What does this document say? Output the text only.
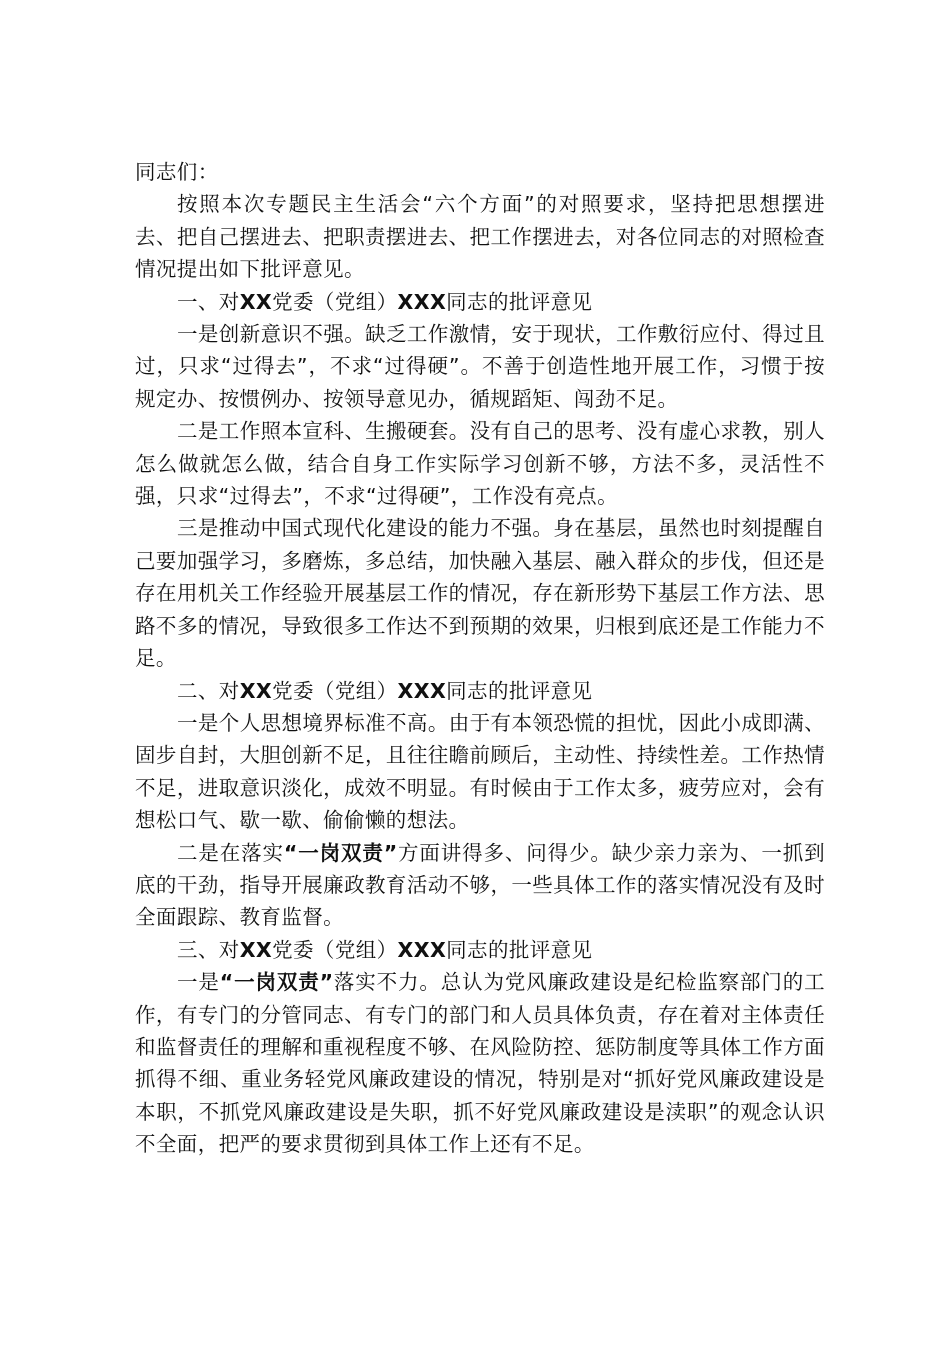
同志们：

按照本次专题民主生活会“六个方面”的对照要求，坚持把思想摆进去、把自己摆进去、把职责摆进去、把工作摆进去，对各位同志的对照检查情况提出如下批评意见。

一、对XX党委（党组）XXX同志的批评意见

一是创新意识不强。缺乏工作激情，安于现状，工作敷衍应付、得过且过，只求“过得去”，不求“过得硬”。不善于创造性地开展工作，习惯于按规定办、按惯例办、按领导意见办，循规蹈矩、闯劲不足。

二是工作照本宣科、生搬硬套。没有自己的思考、没有虚心求教，别人怎么做就怎么做，结合自身工作实际学习创新不够，方法不多，灵活性不强，只求“过得去”，不求“过得硬”，工作没有亮点。

三是推动中国式现代化建设的能力不强。身在基层，虽然也时刻提醒自己要加强学习，多磨炼，多总结，加快融入基层、融入群众的步伐，但还是存在用机关工作经验开展基层工作的情况，存在新形势下基层工作方法、思路不多的情况，导致很多工作达不到预期的效果，归根到底还是工作能力不足。

二、对XX党委（党组）XXX同志的批评意见

一是个人思想境界标准不高。由于有本领恐慌的担忧，因此小成即满、固步自封，大胆创新不足，且往往瞻前顾后，主动性、持续性差。工作热情不足，进取意识淡化，成效不明显。有时候由于工作太多，疲劳应对，会有想松口气、歇一歇、偷偷懒的想法。

二是在落实“一岗双责”方面讲得多、问得少。缺少亲力亲为、一抓到底的干劲，指导开展廉政教育活动不够，一些具体工作的落实情况没有及时全面跟踪、教育监督。

三、对XX党委（党组）XXX同志的批评意见

一是“一岗双责”落实不力。总认为党风廉政建设是纪检监察部门的工作，有专门的分管同志、有专门的部门和人员具体负责，存在着对主体责任和监督责任的理解和重视程度不够、在风险防控、惩防制度等具体工作方面抓得不细、重业务轻党风廉政建设的情况，特别是对“抓好党风廉政建设是本职，不抓党风廉政建设是失职，抓不好党风廉政建设是渎职”的观念认识不全面，把严的要求贯彻到具体工作上还有不足。
